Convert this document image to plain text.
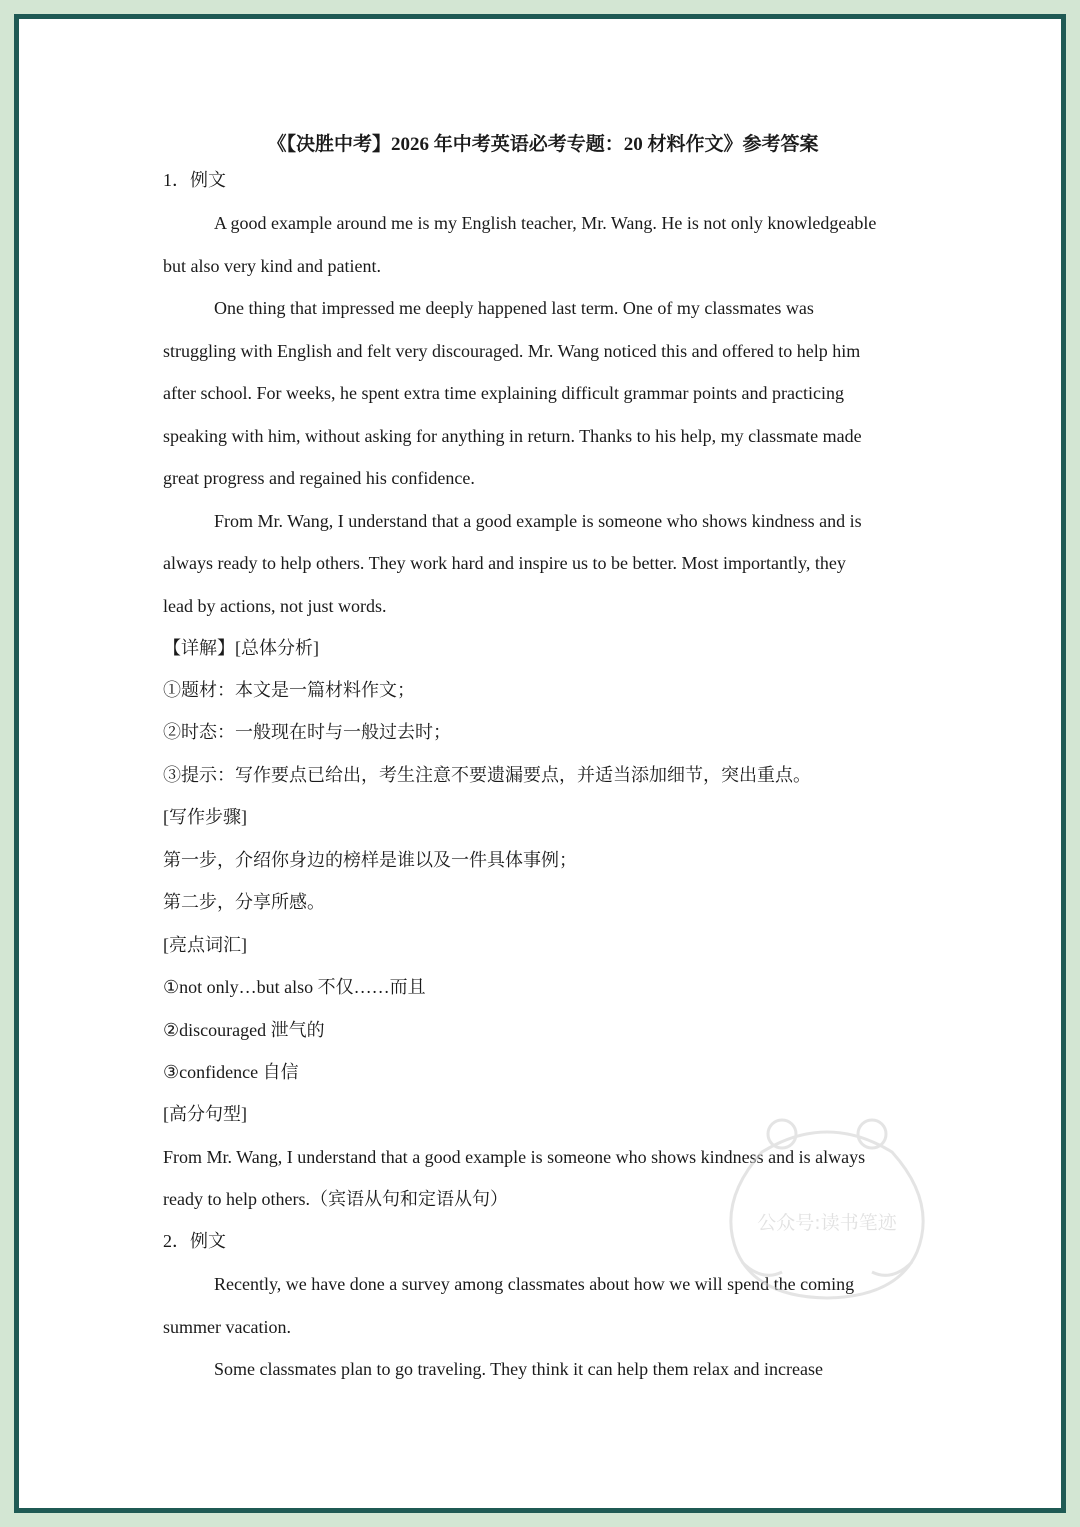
《【决胜中考】2026 年中考英语必考专题：20 材料作文》参考答案
1．例文
A good example around me is my English teacher, Mr. Wang. He is not only knowledgeable
but also very kind and patient.
One thing that impressed me deeply happened last term. One of my classmates was
struggling with English and felt very discouraged. Mr. Wang noticed this and offered to help him
after school. For weeks, he spent extra time explaining difficult grammar points and practicing
speaking with him, without asking for anything in return. Thanks to his help, my classmate made
great progress and regained his confidence.
From Mr. Wang, I understand that a good example is someone who shows kindness and is
always ready to help others. They work hard and inspire us to be better. Most importantly, they
lead by actions, not just words.
【详解】[总体分析]
①题材：本文是一篇材料作文；
②时态：一般现在时与一般过去时；
③提示：写作要点已给出，考生注意不要遗漏要点，并适当添加细节，突出重点。
[写作步骤]
第一步，介绍你身边的榜样是谁以及一件具体事例；
第二步，分享所感。
[亮点词汇]
①not only…but also 不仅……而且
②discouraged 泄气的
③confidence 自信
[高分句型]
From Mr. Wang, I understand that a good example is someone who shows kindness and is always
ready to help others.（宾语从句和定语从句）
2．例文
Recently, we have done a survey among classmates about how we will spend the coming
summer vacation.
Some classmates plan to go traveling. They think it can help them relax and increase
公众号:读书笔迹
